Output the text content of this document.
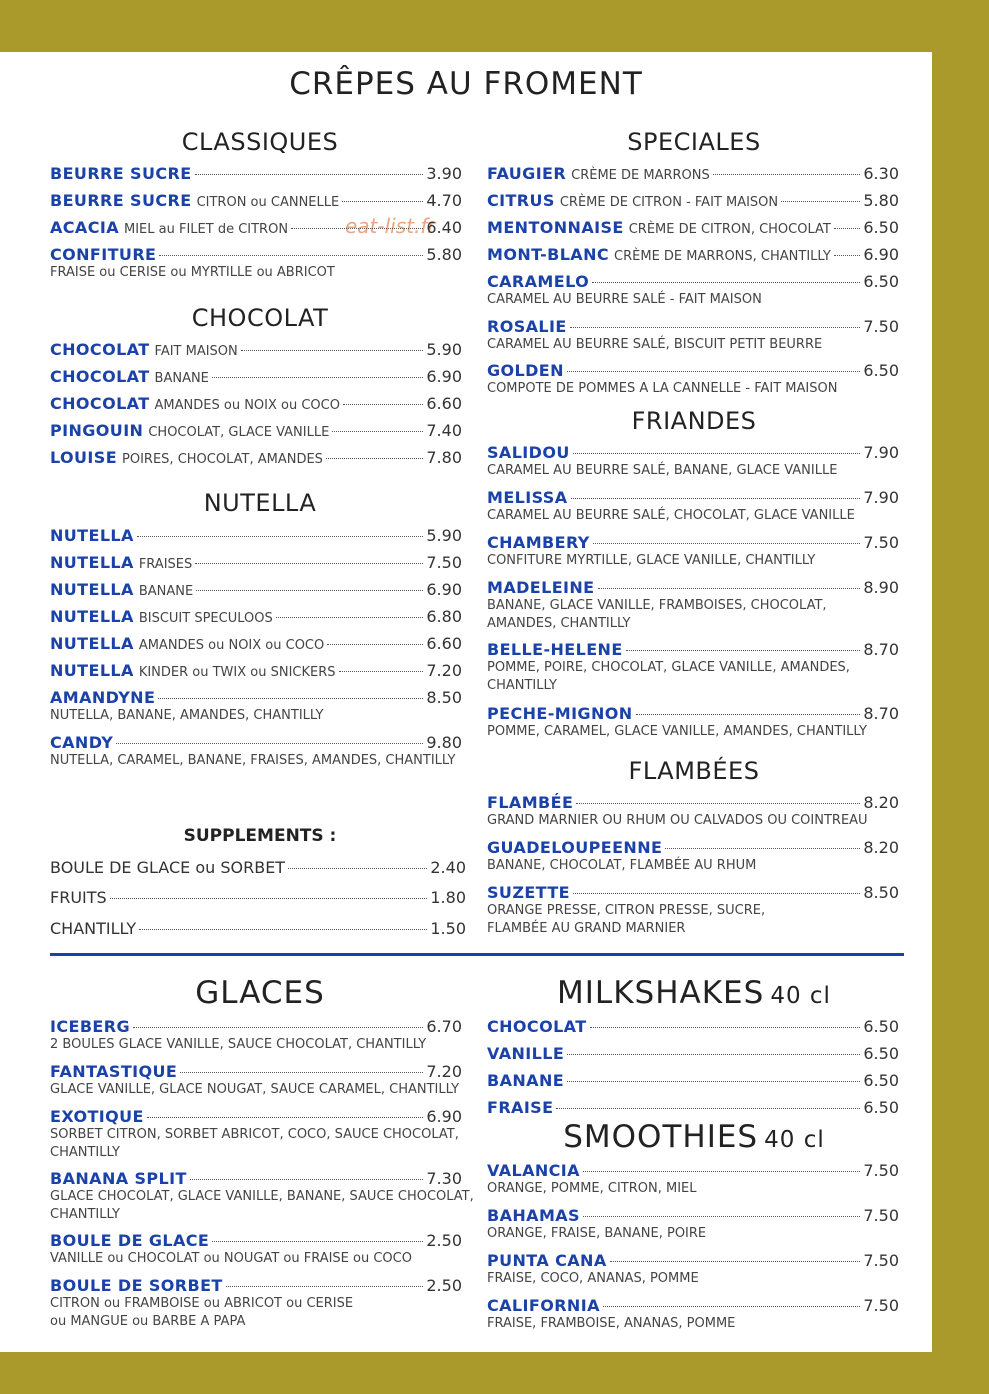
CRÊPES AU FROMENT
eat-list.fr
CLASSIQUES
BEURRE SUCRE	3.90
BEURRE SUCRE CITRON ou CANNELLE	4.70
ACACIA MIEL au FILET de CITRON	6.40
CONFITURE	5.80
FRAISE ou CERISE ou MYRTILLE ou ABRICOT
CHOCOLAT
CHOCOLAT FAIT MAISON	5.90
CHOCOLAT BANANE	6.90
CHOCOLAT AMANDES ou NOIX ou COCO	6.60
PINGOUIN CHOCOLAT, GLACE VANILLE	7.40
LOUISE POIRES, CHOCOLAT, AMANDES	7.80
NUTELLA
NUTELLA	5.90
NUTELLA FRAISES	7.50
NUTELLA BANANE	6.90
NUTELLA BISCUIT SPECULOOS	6.80
NUTELLA AMANDES ou NOIX ou COCO	6.60
NUTELLA KINDER ou TWIX ou SNICKERS	7.20
AMANDYNE	8.50
NUTELLA, BANANE, AMANDES, CHANTILLY
CANDY	9.80
NUTELLA, CARAMEL, BANANE, FRAISES, AMANDES, CHANTILLY
SUPPLEMENTS :
BOULE DE GLACE ou SORBET	2.40
FRUITS	1.80
CHANTILLY	1.50
SPECIALES
FAUGIER CRÈME DE MARRONS	6.30
CITRUS CRÈME DE CITRON - FAIT MAISON	5.80
MENTONNAISE CRÈME DE CITRON, CHOCOLAT 6.50
MONT-BLANC CRÈME DE MARRONS, CHANTILLY 6.90
CARAMELO	6.50
CARAMEL AU BEURRE SALÉ - FAIT MAISON
ROSALIE	7.50
CARAMEL AU BEURRE SALÉ, BISCUIT PETIT BEURRE
GOLDEN	6.50
COMPOTE DE POMMES A LA CANNELLE - FAIT MAISON
FRIANDES
SALIDOU	7.90
CARAMEL AU BEURRE SALÉ, BANANE, GLACE VANILLE
MELISSA	7.90
CARAMEL AU BEURRE SALÉ, CHOCOLAT, GLACE VANILLE
CHAMBERY	7.50
CONFITURE MYRTILLE, GLACE VANILLE, CHANTILLY
MADELEINE	8.90
BANANE, GLACE VANILLE, FRAMBOISES, CHOCOLAT,
AMANDES, CHANTILLY
BELLE-HELENE	8.70
POMME, POIRE, CHOCOLAT, GLACE VANILLE, AMANDES,
CHANTILLY
PECHE-MIGNON	8.70
POMME, CARAMEL, GLACE VANILLE, AMANDES, CHANTILLY
FLAMBÉES
FLAMBÉE	8.20
GRAND MARNIER OU RHUM OU CALVADOS OU COINTREAU
GUADELOUPEENNE	8.20
BANANE, CHOCOLAT, FLAMBÉE AU RHUM
SUZETTE	8.50
ORANGE PRESSE, CITRON PRESSE, SUCRE,
FLAMBÉE AU GRAND MARNIER
GLACES
ICEBERG	6.70
2 BOULES GLACE VANILLE, SAUCE CHOCOLAT, CHANTILLY
FANTASTIQUE	7.20
GLACE VANILLE, GLACE NOUGAT, SAUCE CARAMEL, CHANTILLY
EXOTIQUE	6.90
SORBET CITRON, SORBET ABRICOT, COCO, SAUCE CHOCOLAT,
CHANTILLY
BANANA SPLIT	7.30
GLACE CHOCOLAT, GLACE VANILLE, BANANE, SAUCE CHOCOLAT,
CHANTILLY
BOULE DE GLACE	2.50
VANILLE ou CHOCOLAT ou NOUGAT ou FRAISE ou COCO
BOULE DE SORBET	2.50
CITRON ou FRAMBOISE ou ABRICOT ou CERISE
ou MANGUE ou BARBE A PAPA
MILKSHAKES 40 cl
CHOCOLAT	6.50
VANILLE	6.50
BANANE	6.50
FRAISE	6.50
SMOOTHIES 40 cl
VALANCIA	7.50
ORANGE, POMME, CITRON, MIEL
BAHAMAS	7.50
ORANGE, FRAISE, BANANE, POIRE
PUNTA CANA	7.50
FRAISE, COCO, ANANAS, POMME
CALIFORNIA	7.50
FRAISE, FRAMBOISE, ANANAS, POMME
